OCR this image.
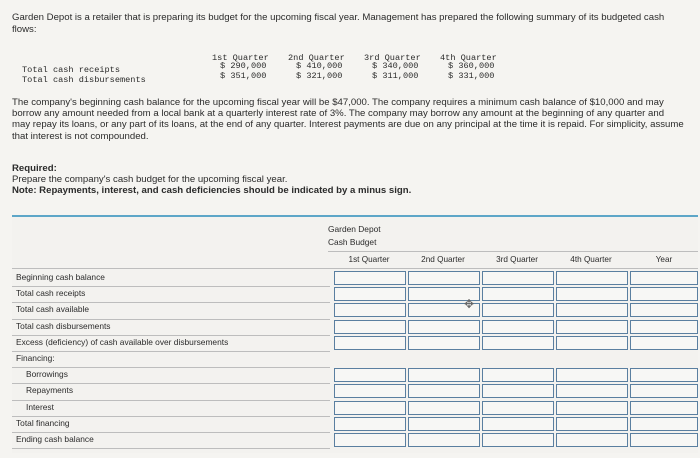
Garden Depot is a retailer that is preparing its budget for the upcoming fiscal year. Management has prepared the following summary of its budgeted cash flows:
1st Quarter 2nd Quarter 3rd Quarter 4th Quarter
Total cash receipts	$ 290,000	$ 410,000	$ 340,000	$ 360,000
Total cash disbursements	$ 351,000	$ 321,000	$ 311,000	$ 331,000
The company's beginning cash balance for the upcoming fiscal year will be $47,000. The company requires a minimum cash balance of $10,000 and may borrow any amount needed from a local bank at a quarterly interest rate of 3%. The company may borrow any amount at the beginning of any quarter and may repay its loans, or any part of its loans, at the end of any quarter. Interest payments are due on any principal at the time it is repaid. For simplicity, assume that interest is not compounded.
Required:
Prepare the company's cash budget for the upcoming fiscal year.
Note: Repayments, interest, and cash deficiencies should be indicated by a minus sign.
Garden Depot
Cash Budget
1st Quarter	2nd Quarter	3rd Quarter	4th Quarter	Year
Beginning cash balance
Total cash receipts
Total cash available
Total cash disbursements
Excess (deficiency) of cash available over disbursements
Financing:
Borrowings
Repayments
Interest
Total financing
Ending cash balance
✥
